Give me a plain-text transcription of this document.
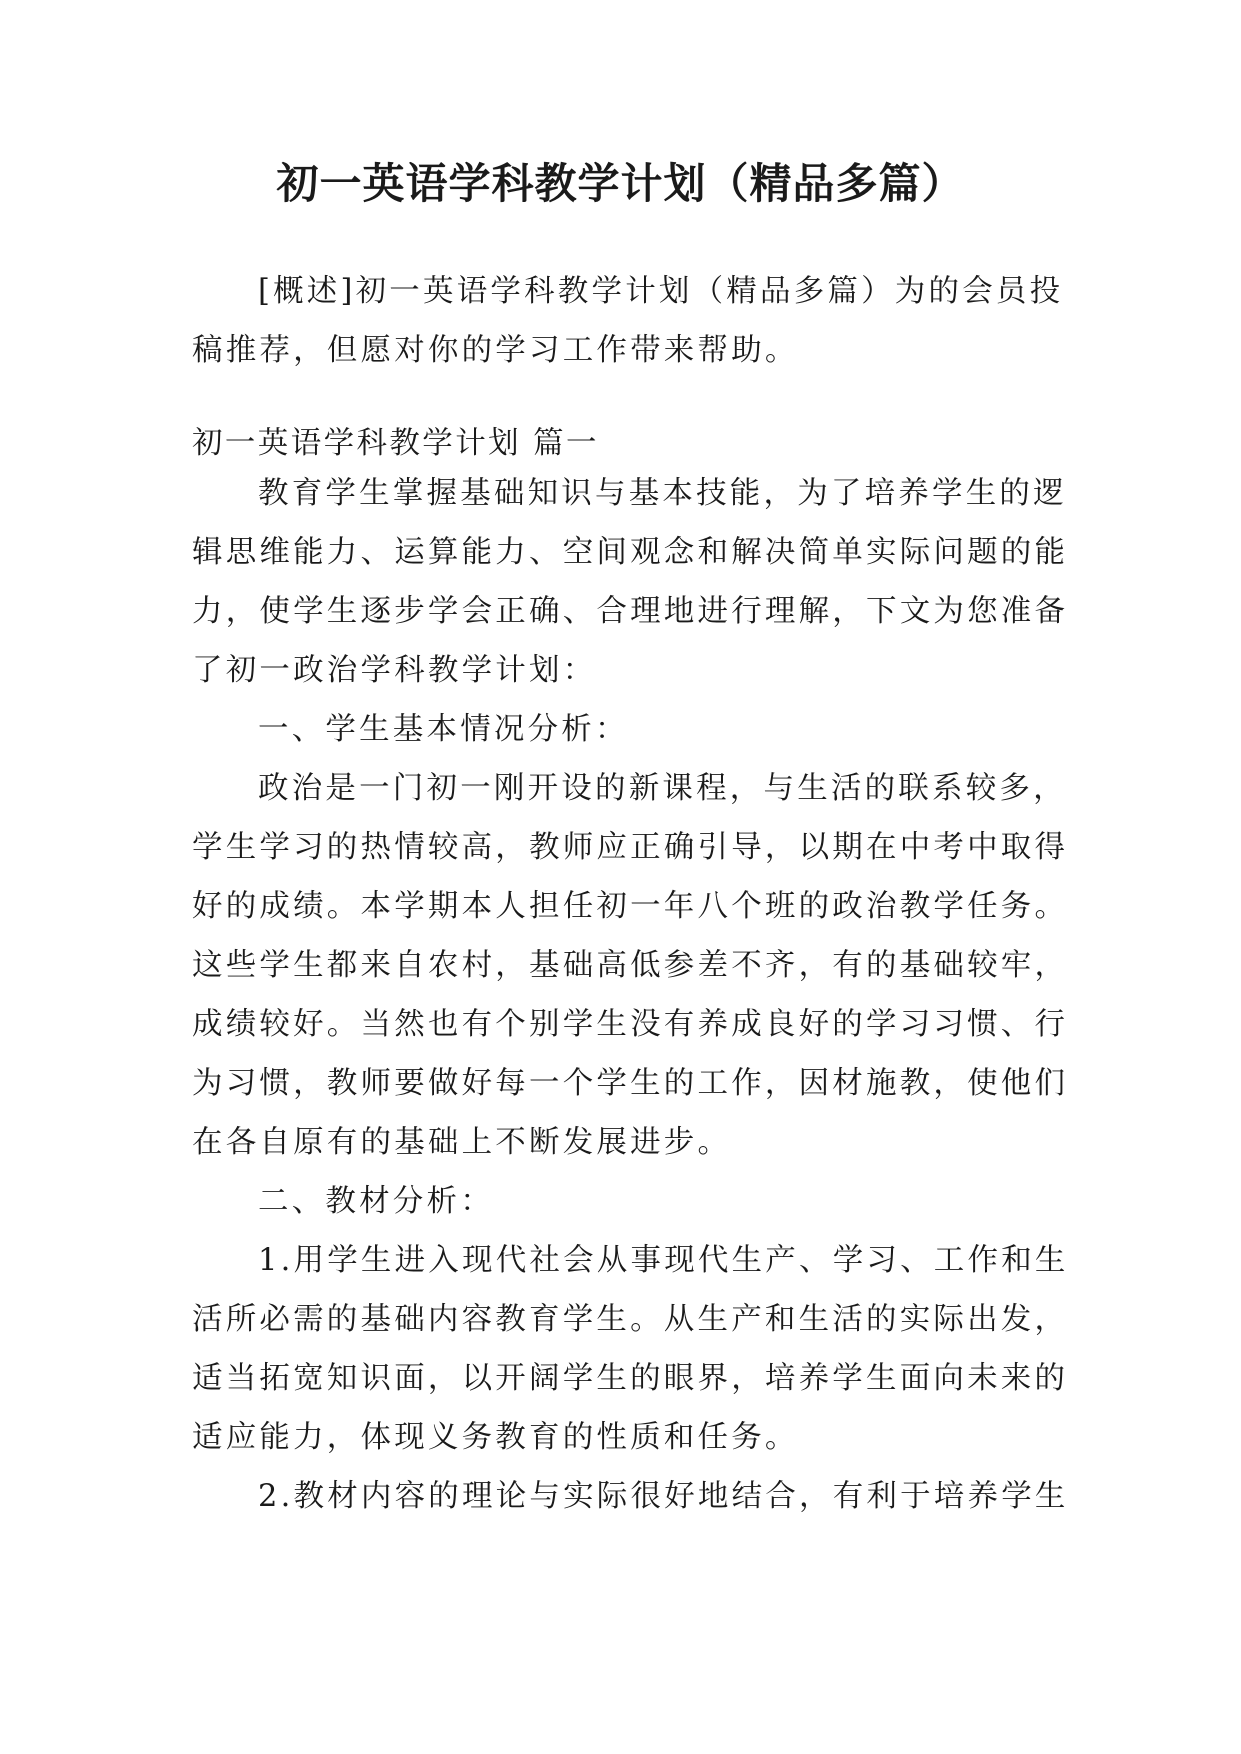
初一英语学科教学计划（精品多篇）

[概述]初一英语学科教学计划（精品多篇）为的会员投
稿推荐，但愿对你的学习工作带来帮助。

初一英语学科教学计划 篇一

教育学生掌握基础知识与基本技能，为了培养学生的逻
辑思维能力、运算能力、空间观念和解决简单实际问题的能
力，使学生逐步学会正确、合理地进行理解，下文为您准备
了初一政治学科教学计划：

一、学生基本情况分析：

政治是一门初一刚开设的新课程，与生活的联系较多，
学生学习的热情较高，教师应正确引导，以期在中考中取得
好的成绩。本学期本人担任初一年八个班的政治教学任务。
这些学生都来自农村，基础高低参差不齐，有的基础较牢，
成绩较好。当然也有个别学生没有养成良好的学习习惯、行
为习惯，教师要做好每一个学生的工作，因材施教，使他们
在各自原有的基础上不断发展进步。

二、教材分析：

1.用学生进入现代社会从事现代生产、学习、工作和生
活所必需的基础内容教育学生。从生产和生活的实际出发，
适当拓宽知识面，以开阔学生的眼界，培养学生面向未来的
适应能力，体现义务教育的性质和任务。

2.教材内容的理论与实际很好地结合，有利于培养学生
